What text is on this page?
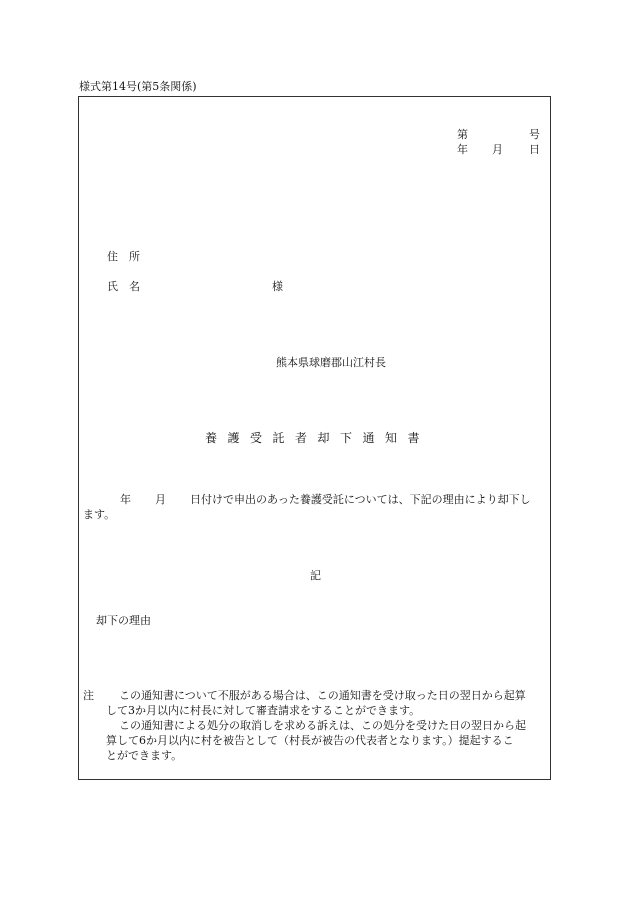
様式第14号(第5条関係)
第	号
年 月 日
住　所
氏　名	様
熊本県球磨郡山江村長
養護受託者却下通知書
年 月 日付けで申出のあった養護受託については、下記の理由により却下し
ます。
記
却下の理由
注 この通知書について不服がある場合は、この通知書を受け取った日の翌日から起算
して3か月以内に村長に対して審査請求をすることができます。
この通知書による処分の取消しを求める訴えは、この処分を受けた日の翌日から起
算して6か月以内に村を被告として（村長が被告の代表者となります。）提起するこ
とができます。
